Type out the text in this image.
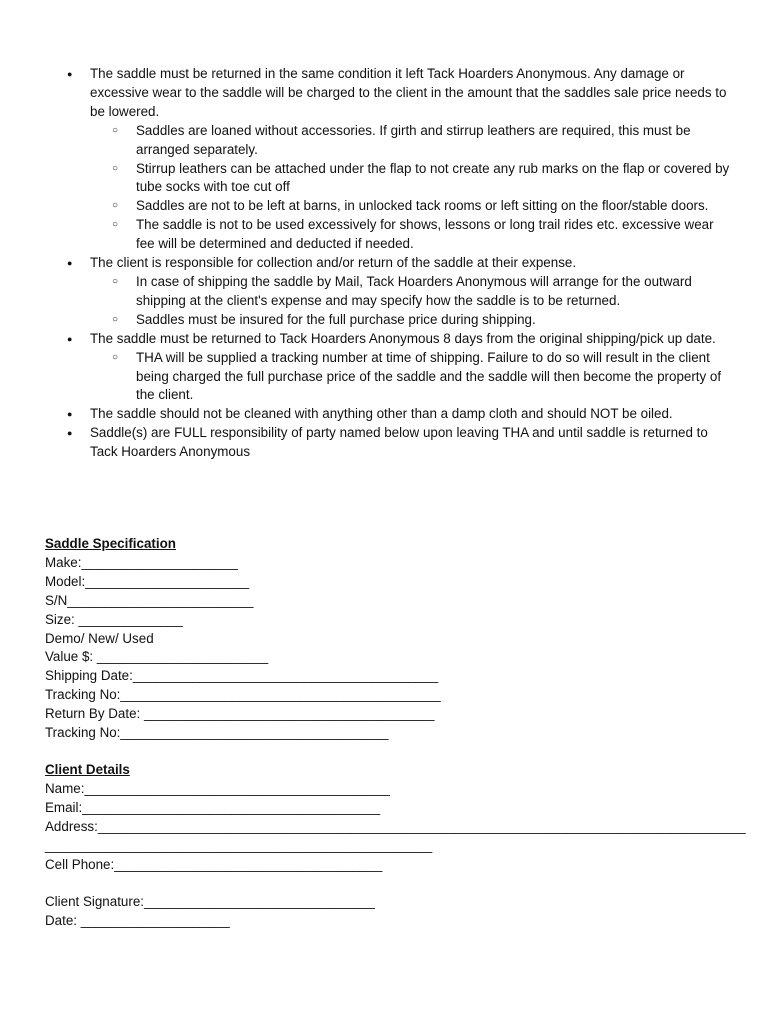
● The saddle must be returned in the same condition it left Tack Hoarders Anonymous. Any damage or excessive wear to the saddle will be charged to the client in the amount that the saddles sale price needs to be lowered.
○ Saddles are loaned without accessories. If girth and stirrup leathers are required, this must be arranged separately.
○ Stirrup leathers can be attached under the flap to not create any rub marks on the flap or covered by tube socks with toe cut off
○ Saddles are not to be left at barns, in unlocked tack rooms or left sitting on the floor/stable doors.
○ The saddle is not to be used excessively for shows, lessons or long trail rides etc. excessive wear fee will be determined and deducted if needed.
● The client is responsible for collection and/or return of the saddle at their expense.
○ In case of shipping the saddle by Mail, Tack Hoarders Anonymous will arrange for the outward shipping at the client's expense and may specify how the saddle is to be returned.
○ Saddles must be insured for the full purchase price during shipping.
● The saddle must be returned to Tack Hoarders Anonymous 8 days from the original shipping/pick up date.
○ THA will be supplied a tracking number at time of shipping. Failure to do so will result in the client being charged the full purchase price of the saddle and the saddle will then become the property of the client.
● The saddle should not be cleaned with anything other than a damp cloth and should NOT be oiled.
● Saddle(s) are FULL responsibility of party named below upon leaving THA and until saddle is returned to Tack Hoarders Anonymous
Saddle Specification
Make:_____________________
Model:______________________
S/N_________________________
Size: ______________
Demo/ New/ Used
Value $: _______________________
Shipping Date:_________________________________________
Tracking No:___________________________________________
Return By Date: _______________________________________
Tracking No:____________________________________
Client Details
Name:_________________________________________
Email:________________________________________
Address:_______________________________________________________________________________________
____________________________________________________
Cell Phone:____________________________________
Client Signature:_______________________________
Date: ____________________
